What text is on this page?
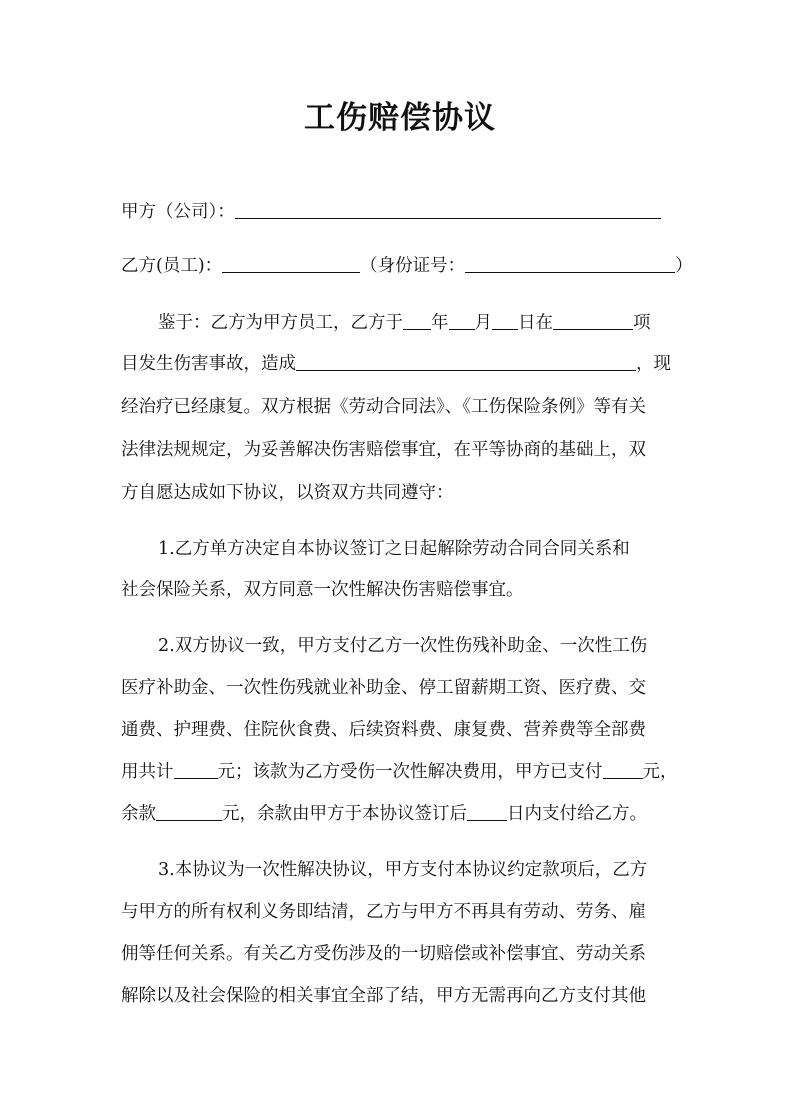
工伤赔偿协议
甲方（公司）：
乙方(员工)：	（身份证号：	）
鉴于：乙方为甲方员工，乙方于 年 月 日在	项
目发生伤害事故，造成	，现
经治疗已经康复。双方根据《劳动合同法》、《工伤保险条例》等有关
法律法规规定，为妥善解决伤害赔偿事宜，在平等协商的基础上，双
方自愿达成如下协议，以资双方共同遵守：
1.乙方单方决定自本协议签订之日起解除劳动合同合同关系和
社会保险关系，双方同意一次性解决伤害赔偿事宜。
2.双方协议一致，甲方支付乙方一次性伤残补助金、一次性工伤
医疗补助金、一次性伤残就业补助金、停工留薪期工资、医疗费、交
通费、护理费、住院伙食费、后续资料费、康复费、营养费等全部费
用共计	元；该款为乙方受伤一次性解决费用，甲方已支付 元，
余款	元，余款由甲方于本协议签订后 日内支付给乙方。
3.本协议为一次性解决协议，甲方支付本协议约定款项后，乙方
与甲方的所有权利义务即结清，乙方与甲方不再具有劳动、劳务、雇
佣等任何关系。有关乙方受伤涉及的一切赔偿或补偿事宜、劳动关系
解除以及社会保险的相关事宜全部了结，甲方无需再向乙方支付其他
